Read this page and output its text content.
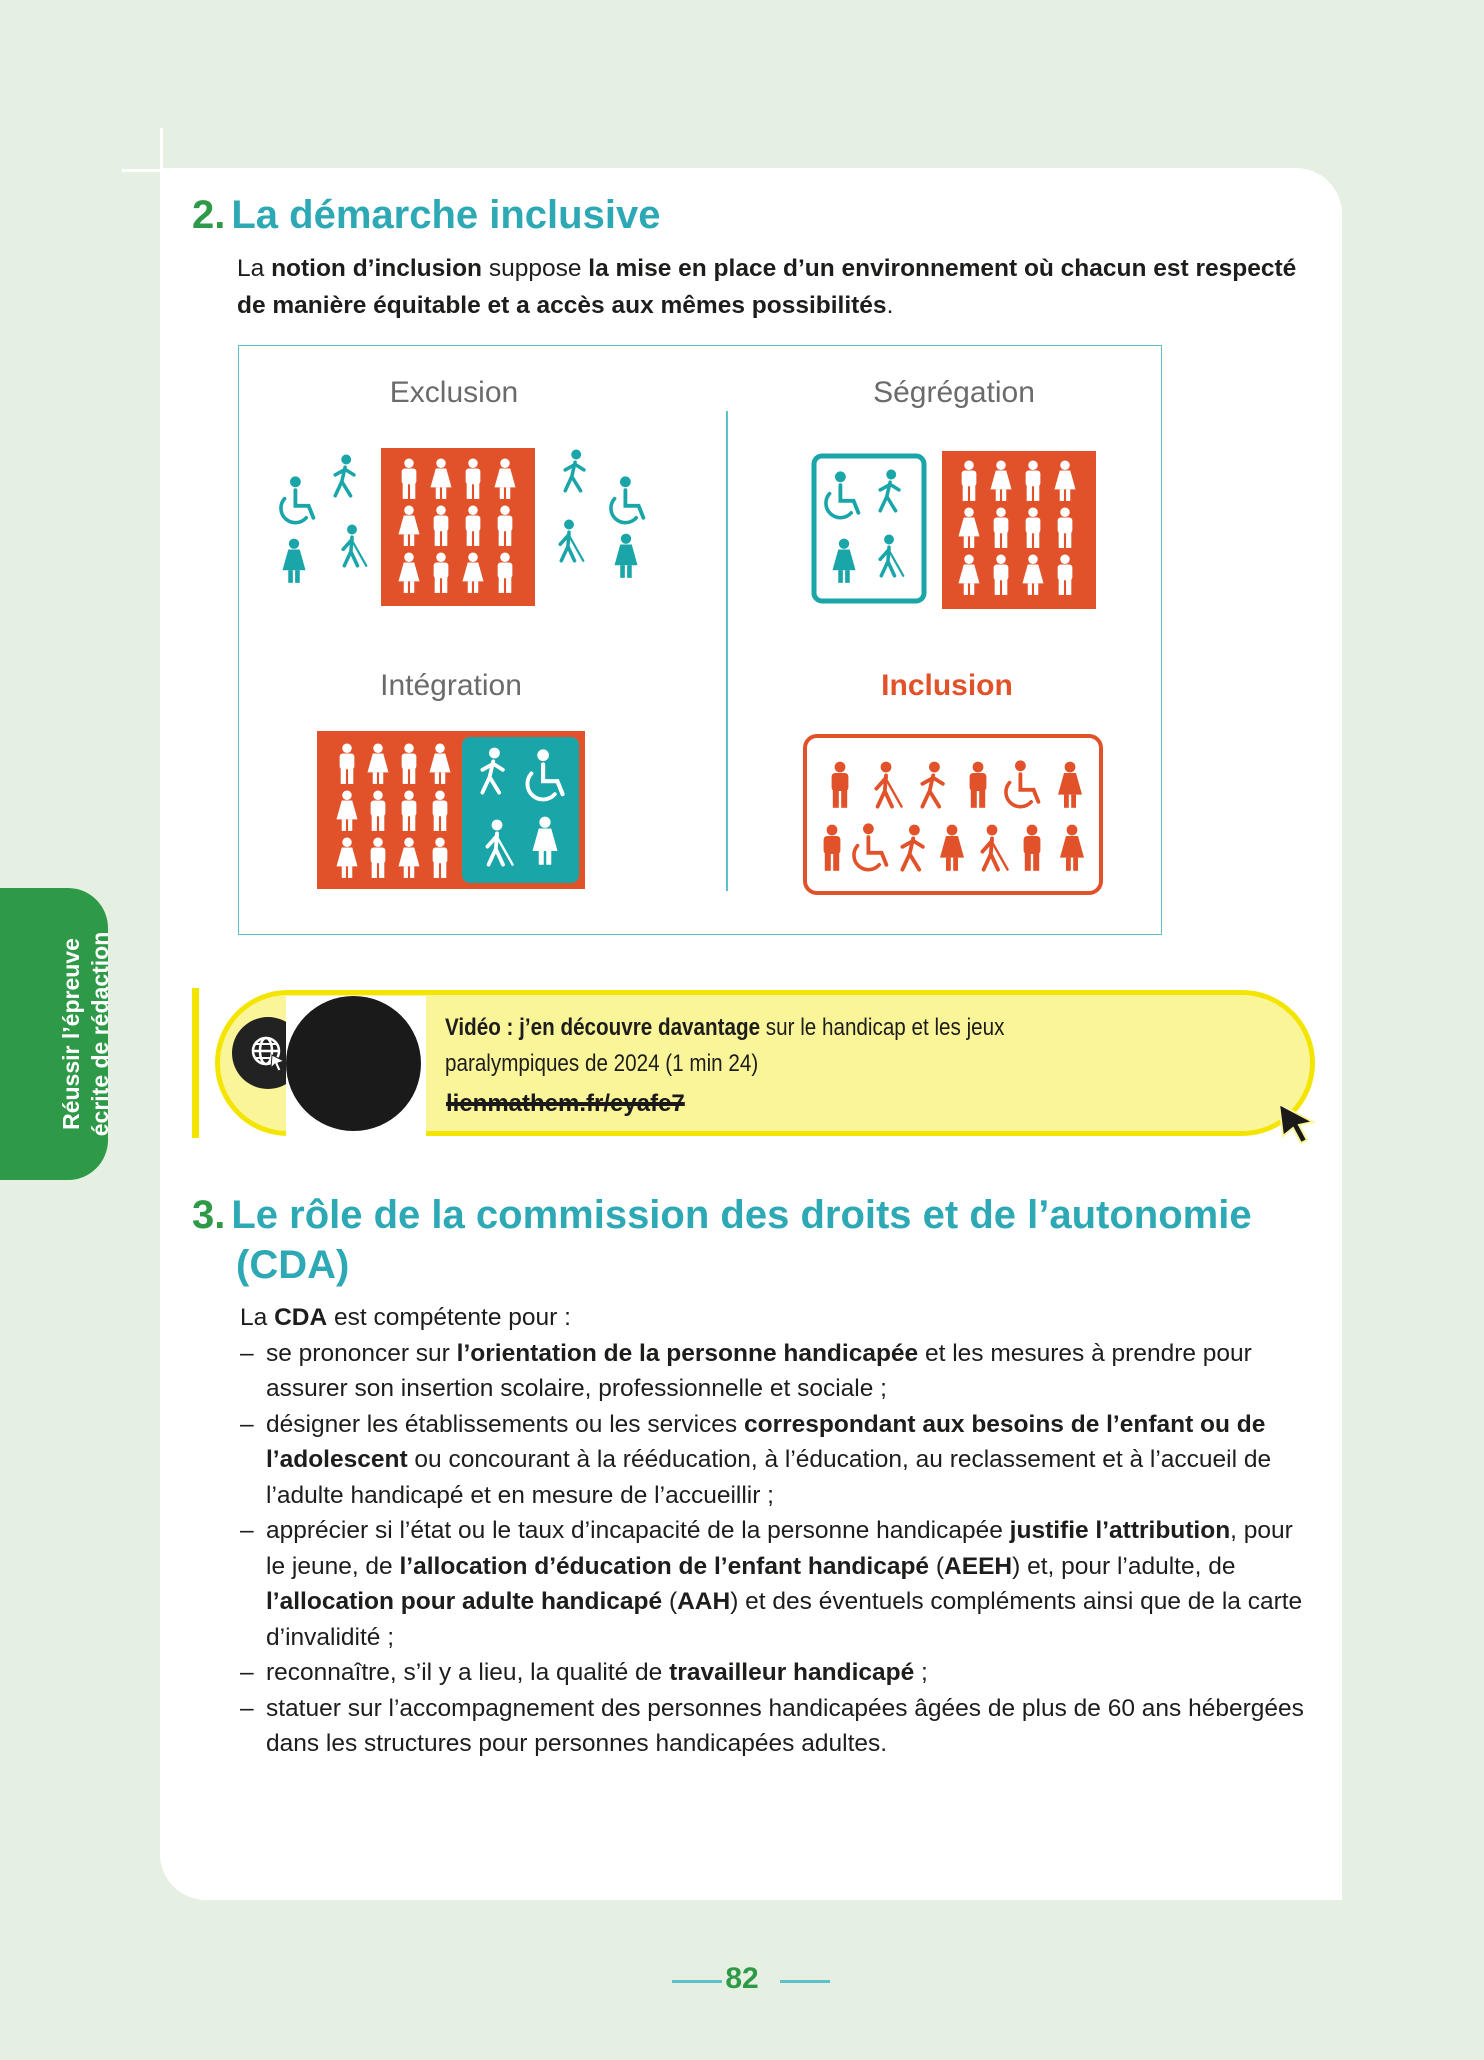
Réussir l’épreuve écrite de rédaction
2. La démarche inclusive

La notion d’inclusion suppose la mise en place d’un environnement où chacun est respecté de manière équitable et a accès aux mêmes possibilités.

Exclusion	Ségrégation
Intégration	Inclusion
Vidéo : j’en découvre davantage sur le handicap et les jeux paralympiques de 2024 (1 min 24)
lienmathem.fr/eyafe7
3. Le rôle de la commission des droits et de l’autonomie
(CDA)

La CDA est compétente pour :

– se prononcer sur l’orientation de la personne handicapée et les mesures à prendre pour assurer son insertion scolaire, professionnelle et sociale ;
– désigner les établissements ou les services correspondant aux besoins de l’enfant ou de l’adolescent ou concourant à la rééducation, à l’éducation, au reclassement et à l’accueil de l’adulte handicapé et en mesure de l’accueillir ;
– apprécier si l’état ou le taux d’incapacité de la personne handicapée justifie l’attribution, pour le jeune, de l’allocation d’éducation de l’enfant handicapé (AEEH) et, pour l’adulte, de l’allocation pour adulte handicapé (AAH) et des éventuels compléments ainsi que de la carte d’invalidité ;
– reconnaître, s’il y a lieu, la qualité de travailleur handicapé ;
– statuer sur l’accompagnement des personnes handicapées âgées de plus de 60 ans hébergées dans les structures pour personnes handicapées adultes.
82
